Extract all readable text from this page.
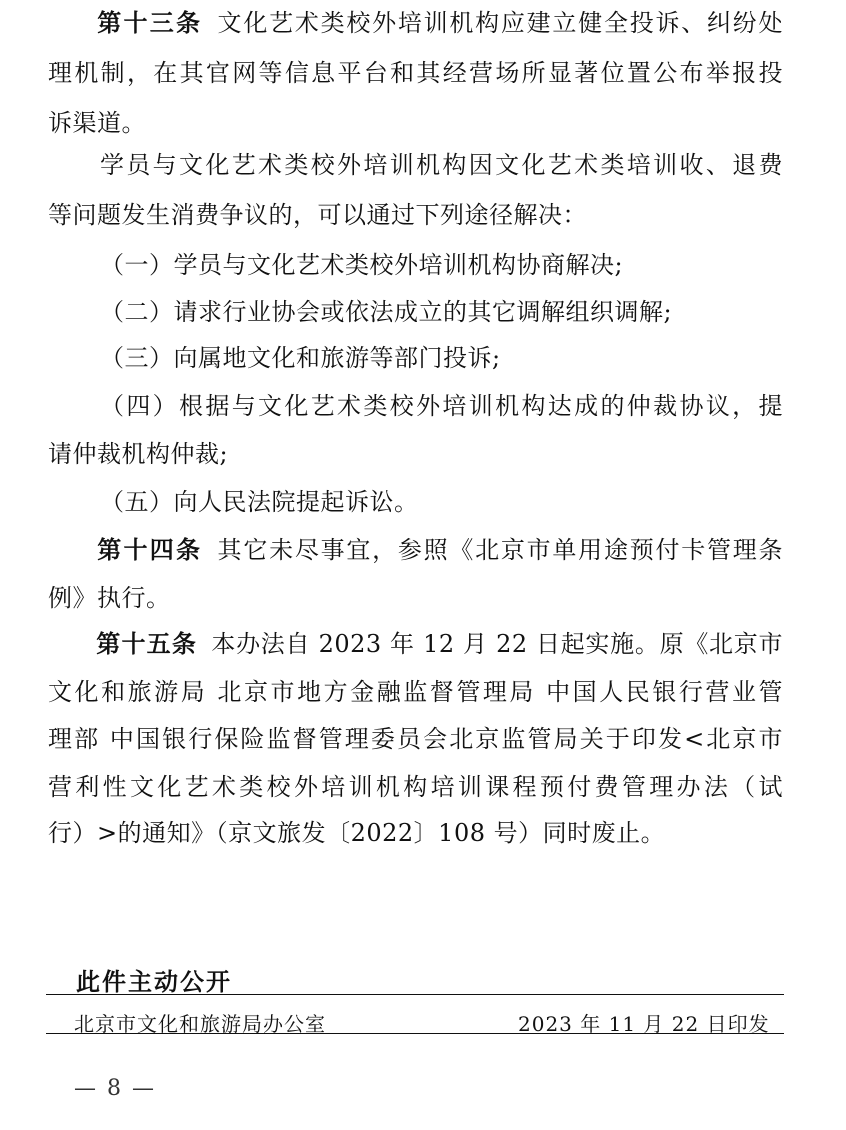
第十三条 文化艺术类校外培训机构应建立健全投诉、纠纷处
理机制，在其官网等信息平台和其经营场所显著位置公布举报投
诉渠道。
学员与文化艺术类校外培训机构因文化艺术类培训收、退费
等问题发生消费争议的，可以通过下列途径解决：
（一）学员与文化艺术类校外培训机构协商解决;
（二）请求行业协会或依法成立的其它调解组织调解;
（三）向属地文化和旅游等部门投诉;
（四）根据与文化艺术类校外培训机构达成的仲裁协议，提
请仲裁机构仲裁;
（五）向人民法院提起诉讼。
第十四条 其它未尽事宜，参照《北京市单用途预付卡管理条
例》执行。
第十五条 本办法自 2023 年 12 月 22 日起实施。原《北京市
文化和旅游局 北京市地方金融监督管理局 中国人民银行营业管
理部 中国银行保险监督管理委员会北京监管局关于印发<北京市
营利性文化艺术类校外培训机构培训课程预付费管理办法（试
行）>的通知》（京文旅发〔2022〕108 号）同时废止。
此件主动公开
北京市文化和旅游局办公室	2023 年 11 月 22 日印发
— 8 —
